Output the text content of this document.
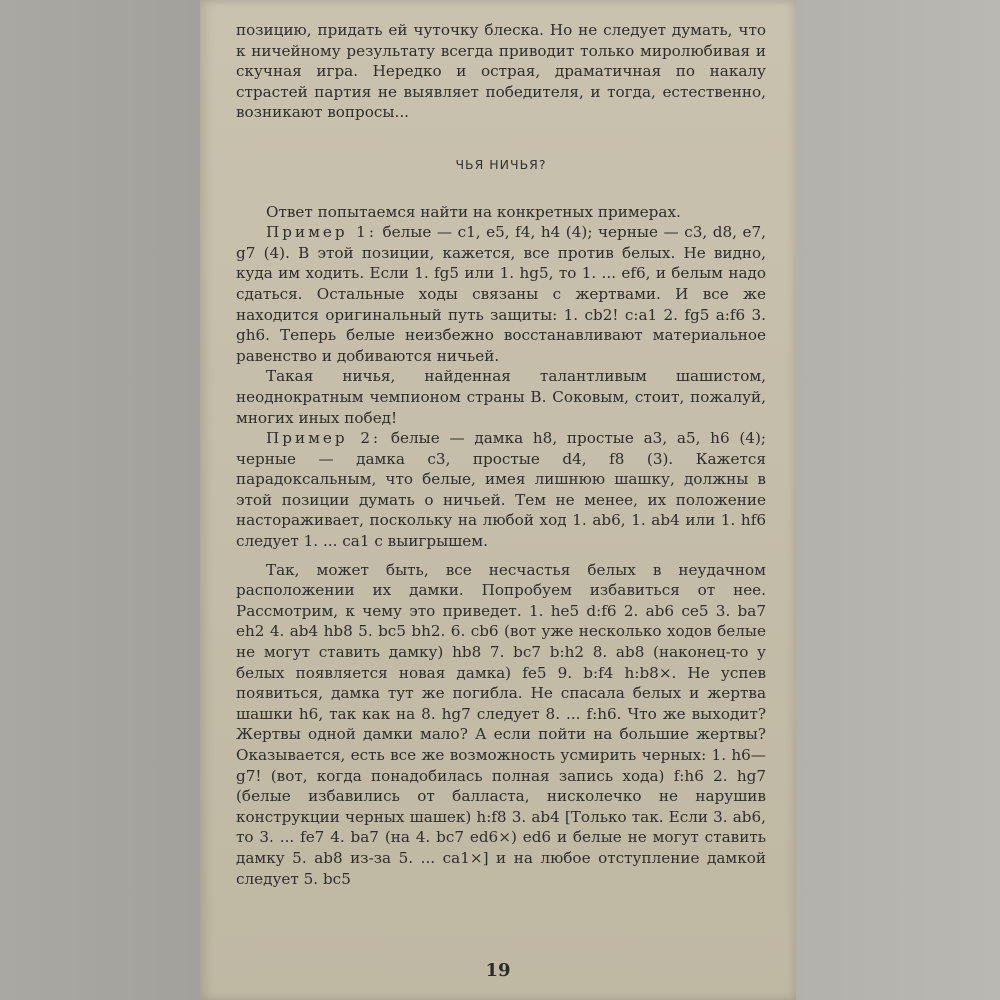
позицию, придать ей чуточку блеска. Но не следует думать, что к ничейному результату всегда приводит только миролюбивая и скучная игра. Нередко и острая, драматичная по накалу страстей партия не выявляет победителя, и тогда, естественно, возникают вопросы...

ЧЬЯ НИЧЬЯ?

Ответ попытаемся найти на конкретных примерах.

Пример 1: белые — c1, e5, f4, h4 (4); черные — c3, d8, e7, g7 (4). В этой позиции, кажется, все против белых. Не видно, куда им ходить. Если 1. fg5 или 1. hg5, то 1. ... ef6, и белым надо сдаться. Остальные ходы связаны с жертвами. И все же находится оригинальный путь защиты: 1. cb2! c:a1 2. fg5 a:f6 3. gh6. Теперь белые неизбежно восстанавливают материальное равенство и добиваются ничьей.

Такая ничья, найденная талантливым шашистом, неоднократным чемпионом страны В. Соковым, стоит, пожалуй, многих иных побед!

Пример 2: белые — дамка h8, простые a3, a5, h6 (4); черные — дамка c3, простые d4, f8 (3). Кажется парадоксальным, что белые, имея лишнюю шашку, должны в этой позиции думать о ничьей. Тем не менее, их положение настораживает, поскольку на любой ход 1. ab6, 1. ab4 или 1. hf6 следует 1. ... ca1 с выигрышем.

Так, может быть, все несчастья белых в неудачном расположении их дамки. Попробуем избавиться от нее. Рассмотрим, к чему это приведет. 1. he5 d:f6 2. ab6 ce5 3. ba7 eh2 4. ab4 hb8 5. bc5 bh2. 6. cb6 (вот уже несколько ходов белые не могут ставить дамку) hb8 7. bc7 b:h2 8. ab8 (наконец-то у белых появляется новая дамка) fe5 9. b:f4 h:b8×. Не успев появиться, дамка тут же погибла. Не спасала белых и жертва шашки h6, так как на 8. hg7 следует 8. ... f:h6. Что же выходит? Жертвы одной дамки мало? А если пойти на большие жертвы? Оказывается, есть все же возможность усмирить черных: 1. h6—g7! (вот, когда понадобилась полная запись хода) f:h6 2. hg7 (белые избавились от балласта, нисколечко не нарушив конструкции черных шашек) h:f8 3. ab4 [Только так. Если 3. ab6, то 3. ... fe7 4. ba7 (на 4. bc7 ed6×) ed6 и белые не могут ставить дамку 5. ab8 из-за 5. ... ca1×] и на любое отступление дамкой следует 5. bc5

19
